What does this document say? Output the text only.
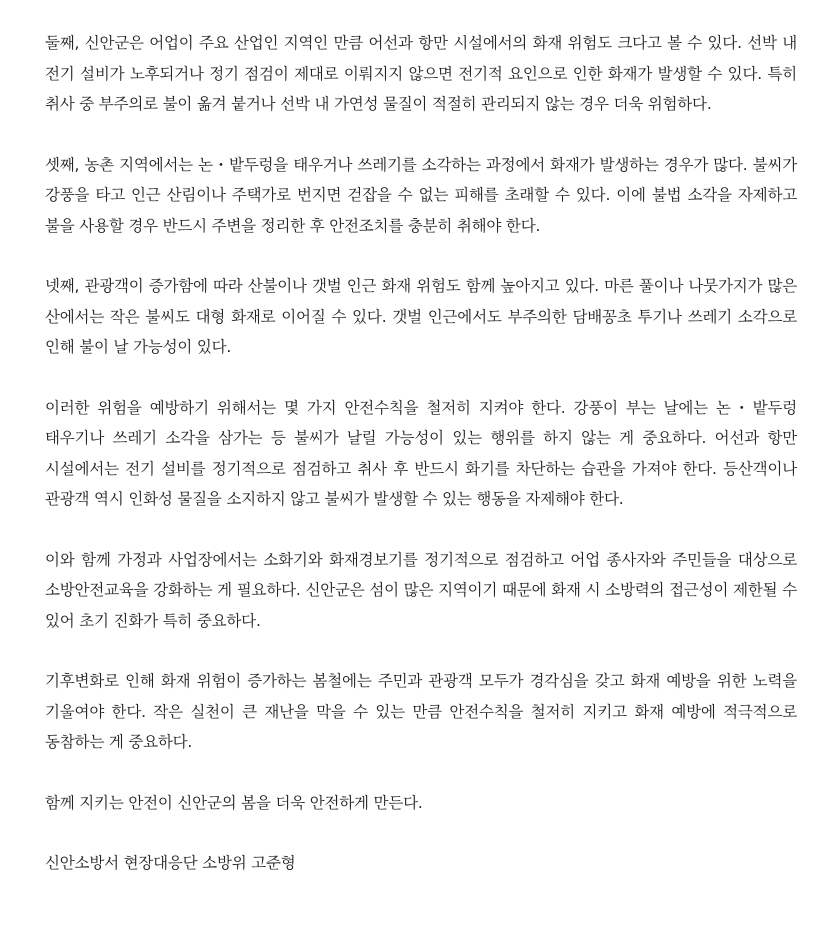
둘째, 신안군은 어업이 주요 산업인 지역인 만큼 어선과 항만 시설에서의 화재 위험도 크다고 볼 수 있다. 선박 내 전기 설비가 노후되거나 정기 점검이 제대로 이뤄지지 않으면 전기적 요인으로 인한 화재가 발생할 수 있다. 특히 취사 중 부주의로 불이 옮겨 붙거나 선박 내 가연성 물질이 적절히 관리되지 않는 경우 더욱 위험하다.

셋째, 농촌 지역에서는 논・밭두렁을 태우거나 쓰레기를 소각하는 과정에서 화재가 발생하는 경우가 많다. 불씨가 강풍을 타고 인근 산림이나 주택가로 번지면 걷잡을 수 없는 피해를 초래할 수 있다. 이에 불법 소각을 자제하고 불을 사용할 경우 반드시 주변을 정리한 후 안전조치를 충분히 취해야 한다.

넷째, 관광객이 증가함에 따라 산불이나 갯벌 인근 화재 위험도 함께 높아지고 있다. 마른 풀이나 나뭇가지가 많은 산에서는 작은 불씨도 대형 화재로 이어질 수 있다. 갯벌 인근에서도 부주의한 담배꽁초 투기나 쓰레기 소각으로 인해 불이 날 가능성이 있다.

이러한 위험을 예방하기 위해서는 몇 가지 안전수칙을 철저히 지켜야 한다. 강풍이 부는 날에는 논・밭두렁 태우기나 쓰레기 소각을 삼가는 등 불씨가 날릴 가능성이 있는 행위를 하지 않는 게 중요하다. 어선과 항만 시설에서는 전기 설비를 정기적으로 점검하고 취사 후 반드시 화기를 차단하는 습관을 가져야 한다. 등산객이나 관광객 역시 인화성 물질을 소지하지 않고 불씨가 발생할 수 있는 행동을 자제해야 한다.

이와 함께 가정과 사업장에서는 소화기와 화재경보기를 정기적으로 점검하고 어업 종사자와 주민들을 대상으로 소방안전교육을 강화하는 게 필요하다. 신안군은 섬이 많은 지역이기 때문에 화재 시 소방력의 접근성이 제한될 수 있어 초기 진화가 특히 중요하다.

기후변화로 인해 화재 위험이 증가하는 봄철에는 주민과 관광객 모두가 경각심을 갖고 화재 예방을 위한 노력을 기울여야 한다. 작은 실천이 큰 재난을 막을 수 있는 만큼 안전수칙을 철저히 지키고 화재 예방에 적극적으로 동참하는 게 중요하다.

함께 지키는 안전이 신안군의 봄을 더욱 안전하게 만든다.

신안소방서 현장대응단 소방위 고준형
